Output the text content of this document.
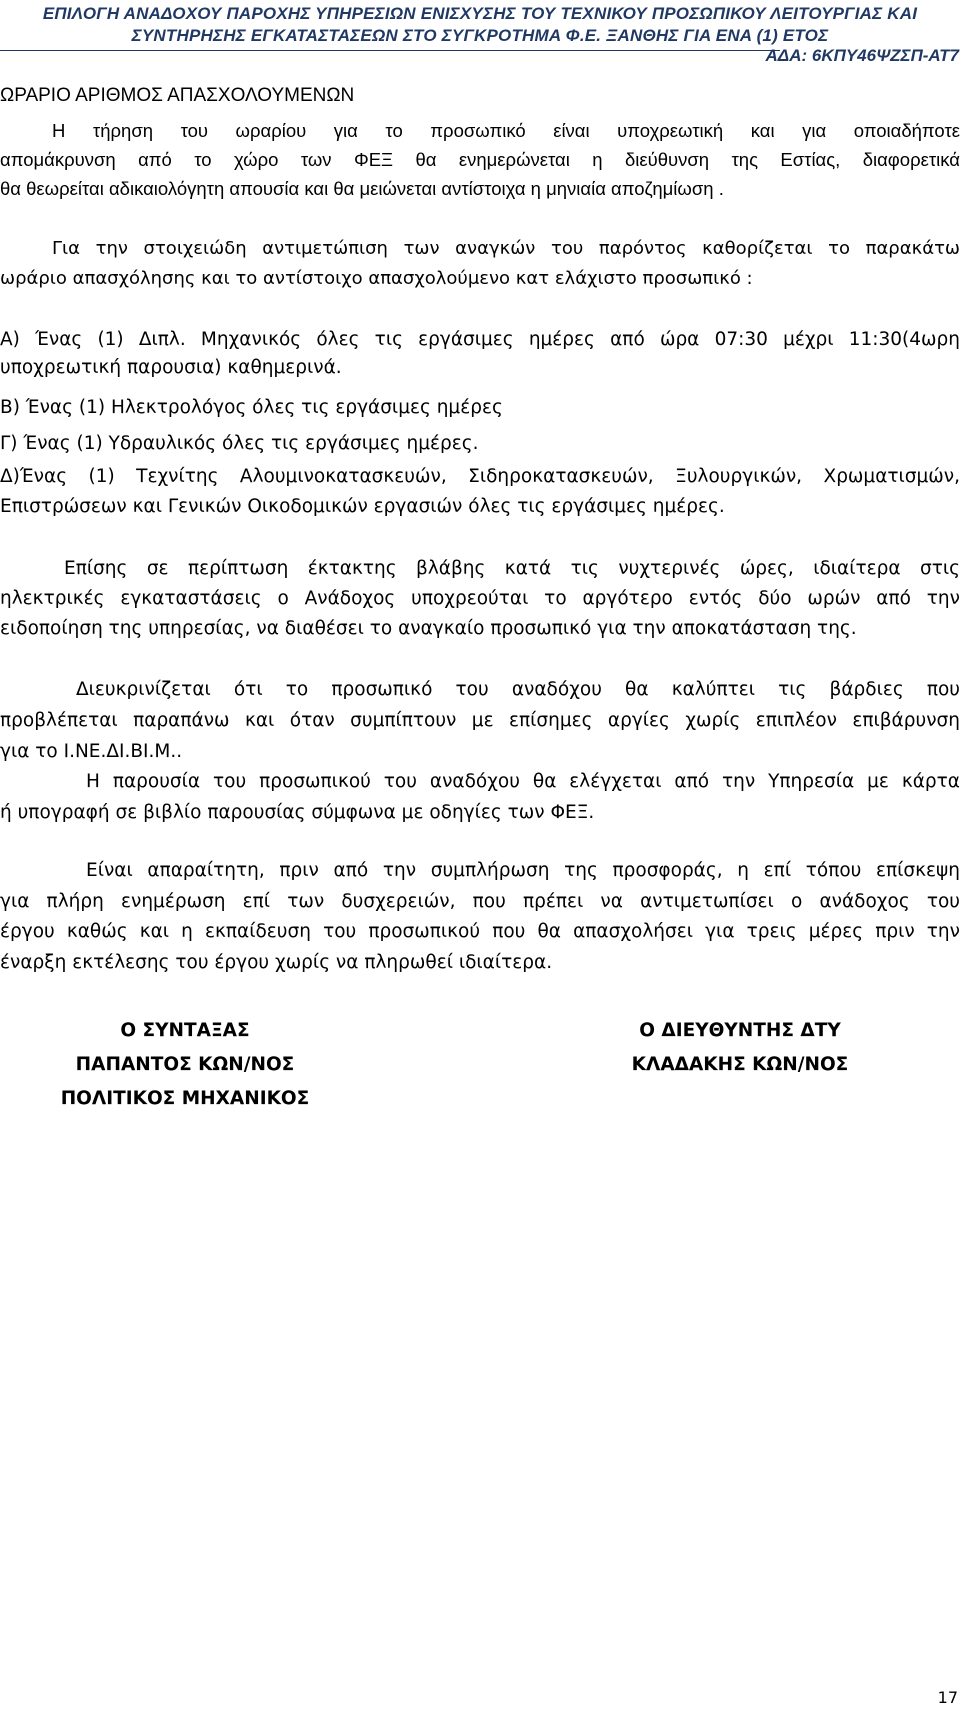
ΕΠΙΛΟΓΗ ΑΝΑΔΟΧΟΥ ΠΑΡΟΧΗΣ ΥΠΗΡΕΣΙΩΝ ΕΝΙΣΧΥΣΗΣ ΤΟΥ ΤΕΧΝΙΚΟΥ ΠΡΟΣΩΠΙΚΟΥ ΛΕΙΤΟΥΡΓΙΑΣ ΚΑΙ
ΣΥΝΤΗΡΗΣΗΣ ΕΓΚΑΤΑΣΤΑΣΕΩΝ ΣΤΟ ΣΥΓΚΡΟΤΗΜΑ Φ.Ε. ΞΑΝΘΗΣ ΓΙΑ ΕΝΑ (1) ΕΤΟΣ
ΑΔΑ: 6ΚΠΥ46ΨΖΣΠ-ΑΤ7
ΩΡΑΡΙΟ ΑΡΙΘΜΟΣ ΑΠΑΣΧΟΛΟΥΜΕΝΩΝ
Η τήρηση του ωραρίου για το προσωπικό είναι υποχρεωτική και για οποιαδήποτε
απομάκρυνση από το χώρο των ΦΕΞ θα ενημερώνεται η διεύθυνση της Εστίας, διαφορετικά
θα θεωρείται αδικαιολόγητη απουσία και θα μειώνεται αντίστοιχα η μηνιαία αποζημίωση .
Για την στοιχειώδη αντιμετώπιση των αναγκών του παρόντος καθορίζεται το παρακάτω
ωράριο απασχόλησης και το αντίστοιχο απασχολούμενο κατ ελάχιστο προσωπικό :
Α) Ένας (1) Διπλ. Μηχανικός όλες τις εργάσιμες ημέρες από ώρα 07:30 μέχρι 11:30(4ωρη
υποχρεωτική παρουσια) καθημερινά.
Β) Ένας (1) Ηλεκτρολόγος όλες τις εργάσιμες ημέρες
Γ) Ένας (1) Υδραυλικός όλες τις εργάσιμες ημέρες.
Δ)Ένας (1) Τεχνίτης Αλουμινοκατασκευών, Σιδηροκατασκευών, Ξυλουργικών, Χρωματισμών,
Επιστρώσεων και Γενικών Οικοδομικών εργασιών όλες τις εργάσιμες ημέρες.
Επίσης σε περίπτωση έκτακτης βλάβης κατά τις νυχτερινές ώρες, ιδιαίτερα στις
ηλεκτρικές εγκαταστάσεις ο Ανάδοχος υποχρεούται το αργότερο εντός δύο ωρών από την
ειδοποίηση της υπηρεσίας, να διαθέσει το αναγκαίο προσωπικό για την αποκατάσταση της.
Διευκρινίζεται ότι το προσωπικό του αναδόχου θα καλύπτει τις βάρδιες που
προβλέπεται παραπάνω και όταν συμπίπτουν με επίσημες αργίες χωρίς επιπλέον επιβάρυνση
για το Ι.ΝΕ.ΔΙ.ΒΙ.Μ..
Η παρουσία του προσωπικού του αναδόχου θα ελέγχεται από την Υπηρεσία με κάρτα
ή υπογραφή σε βιβλίο παρουσίας σύμφωνα με οδηγίες των ΦΕΞ.
Είναι απαραίτητη, πριν από την συμπλήρωση της προσφοράς, η επί τόπου επίσκεψη
για πλήρη ενημέρωση επί των δυσχερειών, που πρέπει να αντιμετωπίσει ο ανάδοχος του
έργου καθώς και η εκπαίδευση του προσωπικού που θα απασχολήσει για τρεις μέρες πριν την
έναρξη εκτέλεσης του έργου χωρίς να πληρωθεί ιδιαίτερα.
Ο ΣΥΝΤΑΞΑΣ
ΠΑΠΑΝΤΟΣ ΚΩΝ/ΝΟΣ
ΠΟΛΙΤΙΚΟΣ ΜΗΧΑΝΙΚΟΣ
Ο ΔΙΕΥΘΥΝΤΗΣ ΔΤΥ
ΚΛΑΔΑΚΗΣ ΚΩΝ/ΝΟΣ
17
